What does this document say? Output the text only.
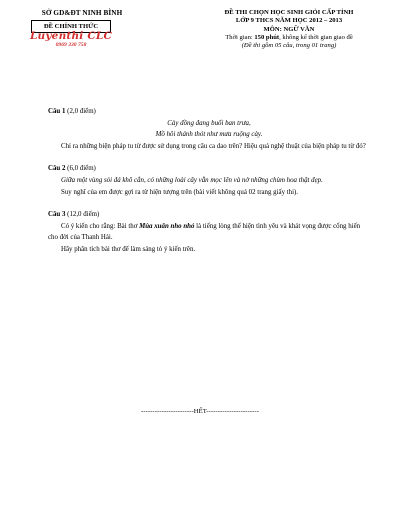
SỞ GD&ĐT NINH BÌNH
ĐỀ CHÍNH THỨC
Luyenthi CLC
0969 330 758
ĐỀ THI CHỌN HỌC SINH GIỎI CẤP TỈNH
LỚP 9 THCS NĂM HỌC 2012 – 2013
MÔN: NGỮ VĂN
Thời gian: 150 phút, không kể thời gian giao đề
(Đề thi gồm 05 câu, trong 01 trang)
Câu 1 (2,0 điểm)
Cày đồng đang buổi ban trưa,
Mồ hôi thánh thót như mưa ruộng cày.
Chỉ ra những biện pháp tu từ được sử dụng trong câu ca dao trên? Hiệu quả nghệ thuật của biện pháp tu từ đó?
Câu 2 (6,0 điểm)
Giữa một vùng sỏi đá khô cằn, có những loài cây vẫn mọc lên và nở những chùm hoa thật đẹp.
Suy nghĩ của em được gợi ra từ hiện tượng trên (bài viết không quá 02 trang giấy thi).
Câu 3 (12,0 điểm)
Có ý kiến cho rằng: Bài thơ Mùa xuân nho nhỏ là tiếng lòng thể hiện tình yêu và khát vọng được cống hiến cho đời của Thanh Hải.
Hãy phân tích bài thơ để làm sáng tỏ ý kiến trên.
-----------------------HẾT-----------------------
